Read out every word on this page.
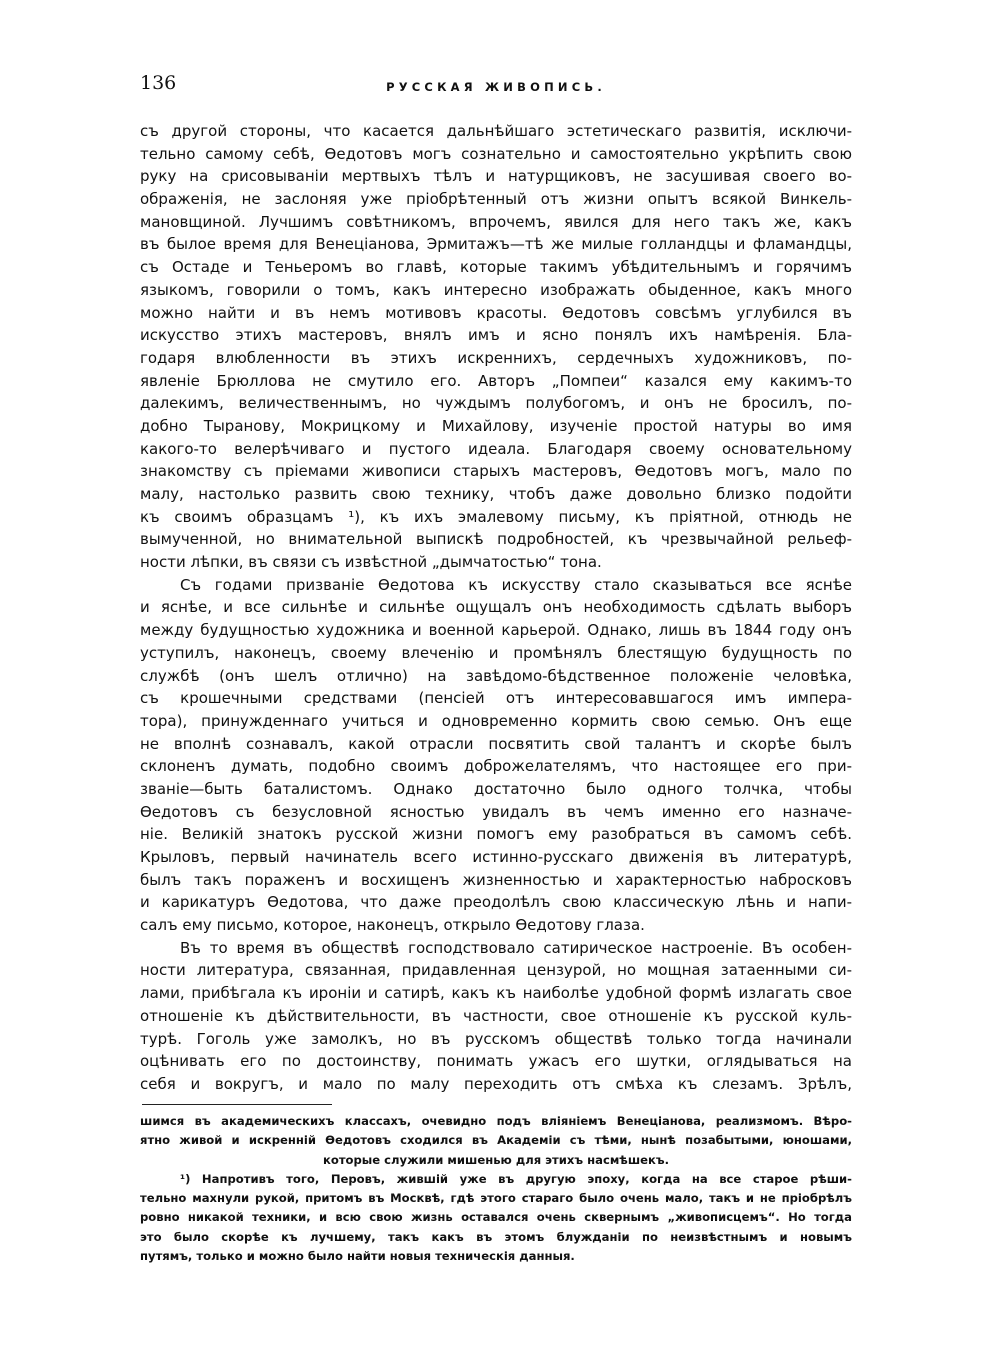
136	РУССКАЯ ЖИВОПИСЬ.

съ другой стороны, что касается дальнѣйшаго эстетическаго развитія, исключи-

тельно самому себѣ, Ѳедотовъ могъ сознательно и самостоятельно укрѣпить свою

руку на срисовываніи мертвыхъ тѣлъ и натурщиковъ, не засушивая своего во-

ображенія, не заслоняя уже пріобрѣтенный отъ жизни опытъ всякой Винкель-

мановщиной. Лучшимъ совѣтникомъ, впрочемъ, явился для него такъ же, какъ

въ былое время для Венеціанова, Эрмитажъ—тѣ же милые голландцы и фламандцы,

съ Остаде и Теньеромъ во главѣ, которые такимъ убѣдительнымъ и горячимъ

языкомъ, говорили о томъ, какъ интересно изображать обыденное, какъ много

можно найти и въ немъ мотивовъ красоты. Ѳедотовъ совсѣмъ углубился въ

искусство этихъ мастеровъ, внялъ имъ и ясно понялъ ихъ намѣренія. Бла-

годаря влюбленности въ этихъ искреннихъ, сердечныхъ художниковъ, по-

явленіе Брюллова не смутило его. Авторъ „Помпеи“ казался ему какимъ-то

далекимъ, величественнымъ, но чуждымъ полубогомъ, и онъ не бросилъ, по-

добно Тыранову, Мокрицкому и Михайлову, изученіе простой натуры во имя

какого-то велерѣчиваго и пустого идеала. Благодаря своему основательному

знакомству съ пріемами живописи старыхъ мастеровъ, Ѳедотовъ могъ, мало по

малу, настолько развить свою технику, чтобъ даже довольно близко подойти

къ своимъ образцамъ ¹), къ ихъ эмалевому письму, къ пріятной, отнюдь не

вымученной, но внимательной выпискѣ подробностей, къ чрезвычайной рельеф-

ности лѣпки, въ связи съ извѣстной „дымчатостью“ тона.

Съ годами призваніе Ѳедотова къ искусству стало сказываться все яснѣе

и яснѣе, и все сильнѣе и сильнѣе ощущалъ онъ необходимость сдѣлать выборъ

между будущностью художника и военной карьерой. Однако, лишь въ 1844 году онъ

уступилъ, наконецъ, своему влеченію и промѣнялъ блестящую будущность по

службѣ (онъ шелъ отлично) на завѣдомо-бѣдственное положеніе человѣка,

съ крошечными средствами (пенсіей отъ интересовавшагося имъ импера-

тора), принужденнаго учиться и одновременно кормить свою семью. Онъ еще

не вполнѣ сознавалъ, какой отрасли посвятить свой талантъ и скорѣе былъ

склоненъ думать, подобно своимъ доброжелателямъ, что настоящее его при-

званіе—быть баталистомъ. Однако достаточно было одного толчка, чтобы

Ѳедотовъ съ безусловной ясностью увидалъ въ чемъ именно его назначе-

ніе. Великій знатокъ русской жизни помогъ ему разобраться въ самомъ себѣ.

Крыловъ, первый начинатель всего истинно-русскаго движенія въ литературѣ,

былъ такъ пораженъ и восхищенъ жизненностью и характерностью набросковъ

и карикатуръ Ѳедотова, что даже преодолѣлъ свою классическую лѣнь и напи-

салъ ему письмо, которое, наконецъ, открыло Ѳедотову глаза.

Въ то время въ обществѣ господствовало сатирическое настроеніе. Въ особен-

ности литература, связанная, придавленная цензурой, но мощная затаенными си-

лами, прибѣгала къ ироніи и сатирѣ, какъ къ наиболѣе удобной формѣ излагать свое

отношеніе къ дѣйствительности, въ частности, свое отношеніе къ русской куль-

турѣ. Гоголь уже замолкъ, но въ русскомъ обществѣ только тогда начинали

оцѣнивать его по достоинству, понимать ужасъ его шутки, оглядываться на

себя и вокругъ, и мало по малу переходить отъ смѣха къ слезамъ. Зрѣлъ,

шимся въ академическихъ классахъ, очевидно подъ вліяніемъ Венеціанова, реализмомъ. Вѣро-

ятно живой и искренній Ѳедотовъ сходился въ Академіи съ тѣми, нынѣ позабытыми, юношами,

которые служили мишенью для этихъ насмѣшекъ.

¹) Напротивъ того, Перовъ, жившій уже въ другую эпоху, когда на все старое рѣши-

тельно махнули рукой, притомъ въ Москвѣ, гдѣ этого стараго было очень мало, такъ и не пріобрѣлъ

ровно никакой техники, и всю свою жизнь оставался очень сквернымъ „живописцемъ“. Но тогда

это было скорѣе къ лучшему, такъ какъ въ этомъ блужданіи по неизвѣстнымъ и новымъ

путямъ, только и можно было найти новыя техническія данныя.
